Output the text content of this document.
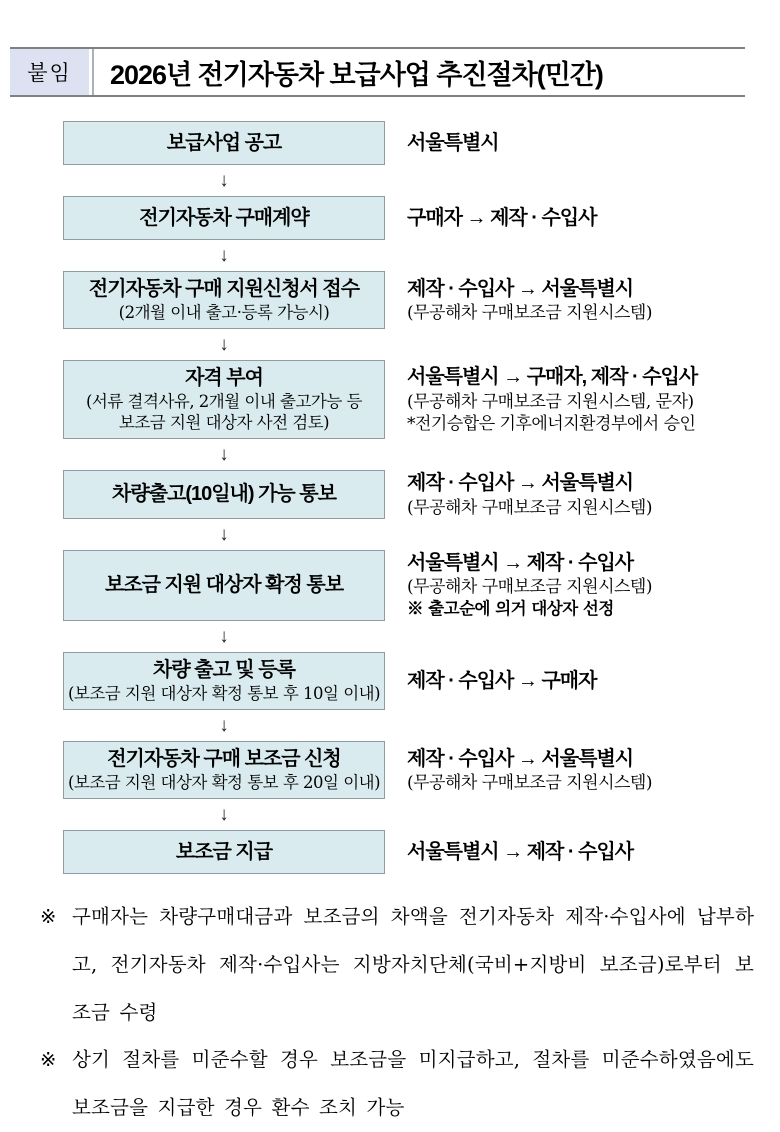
붙임	2026년 전기자동차 보급사업 추진절차(민간)
보급사업 공고	서울특별시
↓
전기자동차 구매계약	구매자 → 제작 · 수입사
↓
전기자동차 구매 지원신청서 접수
(2개월 이내 출고·등록 가능시)
제작 · 수입사 → 서울특별시
(무공해차 구매보조금 지원시스템)
↓
자격 부여
(서류 결격사유, 2개월 이내 출고가능 등
보조금 지원 대상자 사전 검토)
서울특별시 → 구매자, 제작 · 수입사
(무공해차 구매보조금 지원시스템, 문자)
*전기승합은 기후에너지환경부에서 승인
↓
차량출고(10일내) 가능 통보	제작 · 수입사 → 서울특별시
(무공해차 구매보조금 지원시스템)
↓
보조금 지원 대상자 확정 통보
서울특별시 → 제작 · 수입사
(무공해차 구매보조금 지원시스템)
※ 출고순에 의거 대상자 선정
↓
차량 출고 및 등록
(보조금 지원 대상자 확정 통보 후 10일 이내)
제작 · 수입사 → 구매자
↓
전기자동차 구매 보조금 신청
(보조금 지원 대상자 확정 통보 후 20일 이내)
제작 · 수입사 → 서울특별시
(무공해차 구매보조금 지원시스템)
↓
보조금 지급	서울특별시 → 제작 · 수입사
※ 구매자는 차량구매대금과 보조금의 차액을 전기자동차 제작·수입사에 납부하고, 전기자동차 제작·수입사는 지방자치단체(국비+지방비 보조금)로부터 보조금 수령
※ 상기 절차를 미준수할 경우 보조금을 미지급하고, 절차를 미준수하였음에도 보조금을 지급한 경우 환수 조치 가능
